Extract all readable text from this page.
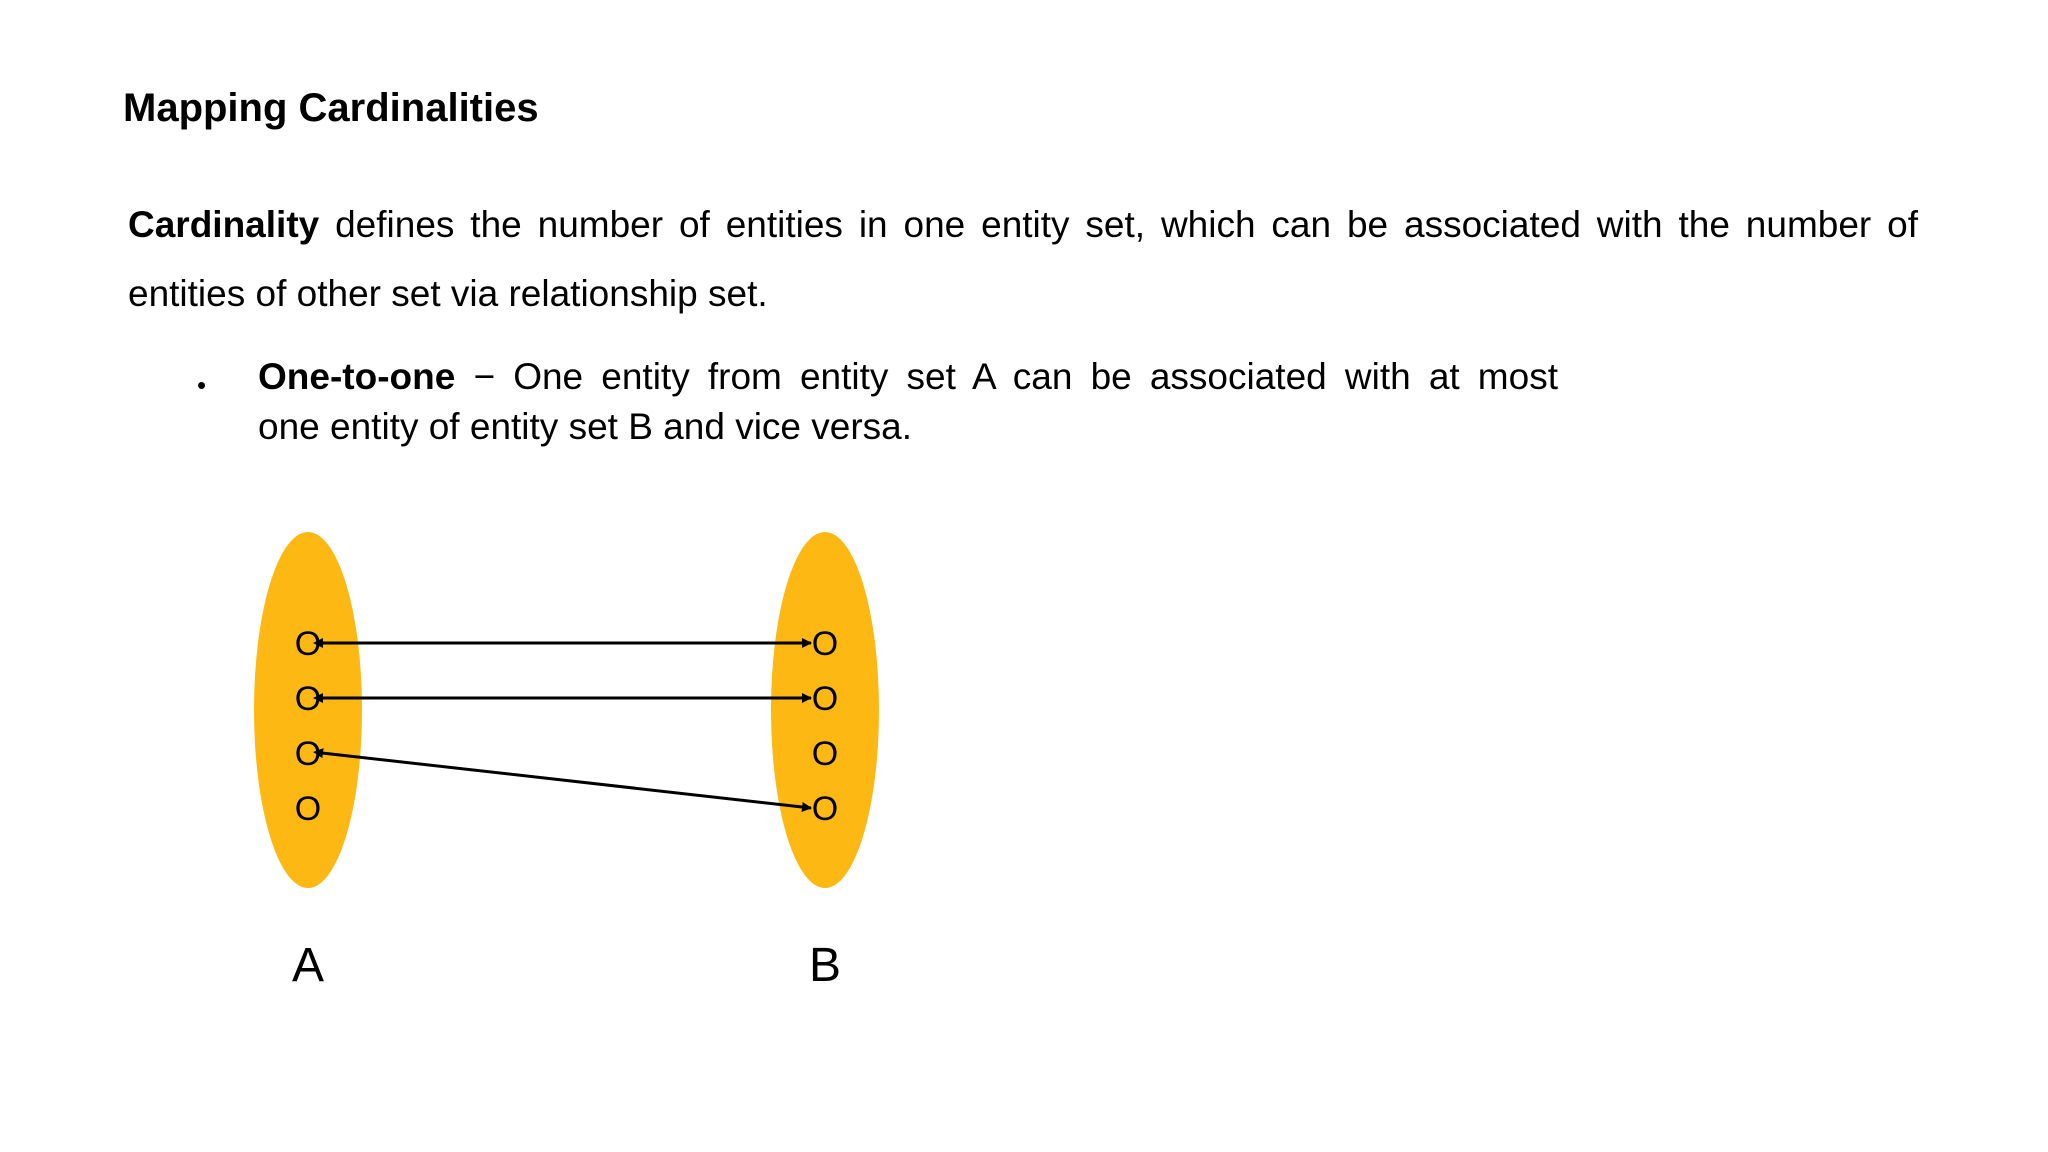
Mapping Cardinalities

Cardinality defines the number of entities in one entity set, which can be associated with the number of entities of other set via relationship set.

• One-to-one − One entity from entity set A can be associated with at most
one entity of entity set B and vice versa.

O
O
O
O
O
O
O
O
A	B
